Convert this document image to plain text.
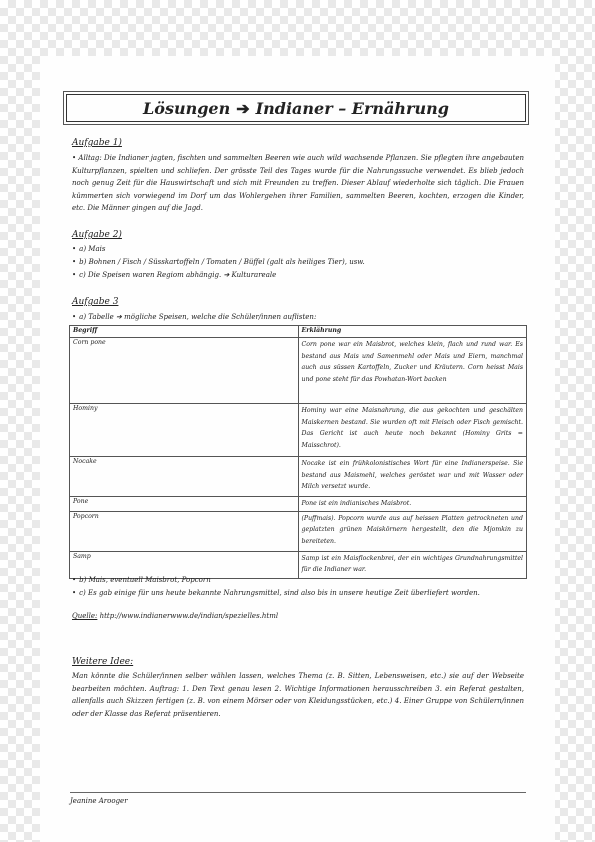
Lösungen ➔ Indianer – Ernährung
Aufgabe 1)
• Alltag: Die Indianer jagten, fischten und sammelten Beeren wie auch wild wachsende Pflanzen. Sie pflegten ihre angebauten Kulturpflanzen, spielten und schliefen. Der grösste Teil des Tages wurde für die Nahrungssuche verwendet. Es blieb jedoch noch genug Zeit für die Hauswirtschaft und sich mit Freunden zu treffen. Dieser Ablauf wiederholte sich täglich. Die Frauen kümmerten sich vorwiegend im Dorf um das Wohlergehen ihrer Familien, sammelten Beeren, kochten, erzogen die Kinder, etc. Die Männer gingen auf die Jagd.
Aufgabe 2)
• a) Mais
• b) Bohnen / Fisch / Süsskartoffeln / Tomaten / Büffel (galt als heiliges Tier), usw.
• c) Die Speisen waren Regiom abhängig. ➔ Kulturareale
Aufgabe 3
• a) Tabelle ➔ mögliche Speisen, welche die Schüler/innen auflisten:
Begriff	Erklährung
Corn pone	Corn pone war ein Maisbrot, welches klein, flach und rund war. Es bestand aus Mais und Samenmehl oder Mais und Eiern, manchmal auch aus süssen Kartoffeln, Zucker und Kräutern. Corn heisst Mais und pone steht für das Powhatan-Wort backen
Hominy	Hominy war eine Maisnahrung, die aus gekochten und geschälten Maiskernen bestand. Sie wurden oft mit Fleisch oder Fisch gemischt. Das Gericht ist auch heute noch bekannt (Hominy Grits = Maisschrot).
Nocake	Nocake ist ein frühkolonistisches Wort für eine Indianerspeise. Sie bestand aus Maismehl, welches geröstet war und mit Wasser oder Milch versetzt wurde.
Pone	Pone ist ein indianisches Maisbrot.
Popcorn	(Puffmais). Popcorn wurde aus auf heissen Platten getrockneten und geplatzten grünen Maiskörnern hergestellt, den die Mjomkin zu bereiteten.
Samp	Samp ist ein Maisflockenbrei, der ein wichtiges Grundnahrungsmittel für die Indianer war.
• b) Mais, eventuell Maisbrot, Popcorn
• c) Es gab einige für uns heute bekannte Nahrungsmittel, sind also bis in unsere heutige Zeit überliefert worden.
Quelle: http://www.indianerwww.de/indian/spezielles.html
Weitere Idee:
Man könnte die Schüler/innen selber wählen lassen, welches Thema (z. B. Sitten, Lebensweisen, etc.) sie auf der Webseite bearbeiten möchten. Auftrag: 1. Den Text genau lesen 2. Wichtige Informationen herausschreiben 3. ein Referat gestalten, allenfalls auch Skizzen fertigen (z. B. von einem Mörser oder von Kleidungsstücken, etc.) 4. Einer Gruppe von Schülern/innen oder der Klasse das Referat präsentieren.
Jeanine Arooger
